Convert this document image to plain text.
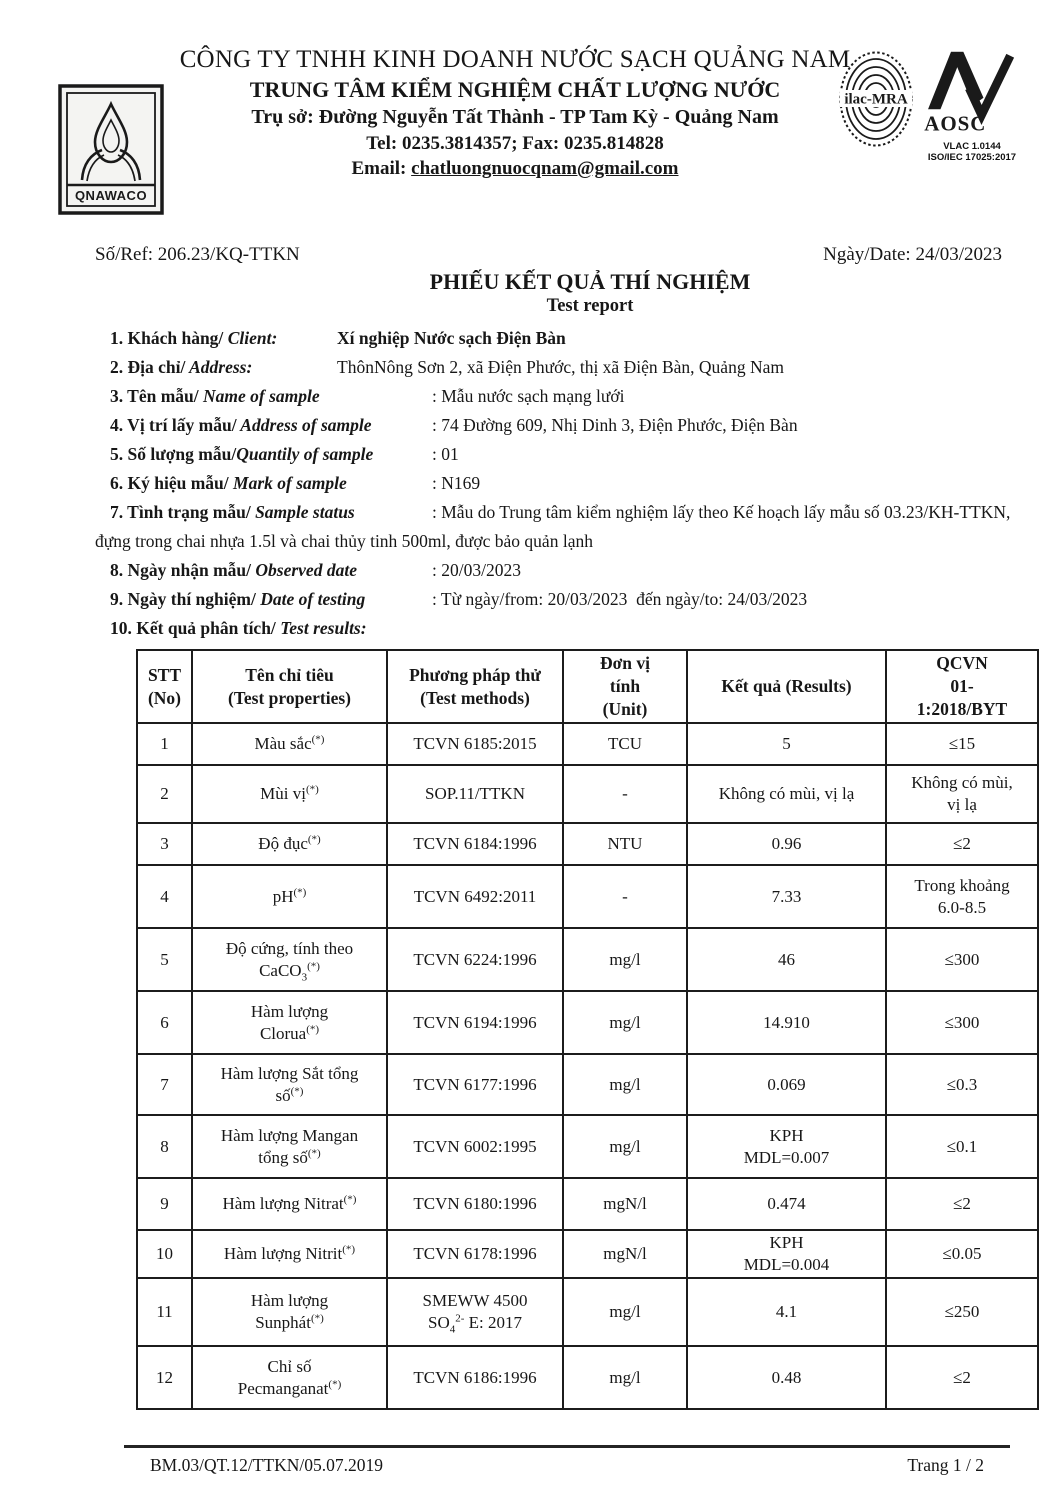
QNAWACO
CÔNG TY TNHH KINH DOANH NƯỚC SẠCH QUẢNG NAM
TRUNG TÂM KIỂM NGHIỆM CHẤT LƯỢNG NƯỚC
Trụ sở: Đường Nguyễn Tất Thành - TP Tam Kỳ - Quảng Nam
Tel: 0235.3814357; Fax: 0235.814828
Email: chatluongnuocqnam@gmail.com
ilac-MRA
AOSC
VLAC 1.0144
ISO/IEC 17025:2017
Số/Ref: 206.23/KQ-TTKN	Ngày/Date: 24/03/2023
PHIẾU KẾT QUẢ THÍ NGHIỆM
Test report
1. Khách hàng/ Client:	Xí nghiệp Nước sạch Điện Bàn
2. Địa chỉ/ Address:	ThônNông Sơn 2, xã Điện Phước, thị xã Điện Bàn, Quảng Nam
3. Tên mẫu/ Name of sample	: Mẫu nước sạch mạng lưới
4. Vị trí lấy mẫu/ Address of sample	: 74 Đường 609, Nhị Dinh 3, Điện Phước, Điện Bàn
5. Số lượng mẫu/Quantily of sample	: 01
6. Ký hiệu mẫu/ Mark of sample	: N169
7. Tình trạng mẫu/ Sample status	: Mẫu do Trung tâm kiểm nghiệm lấy theo Kế hoạch lấy mẫu số 03.23/KH-TTKN, đựng trong chai nhựa 1.5l và chai thủy tinh 500ml, được bảo quản lạnh
8. Ngày nhận mẫu/ Observed date	: 20/03/2023
9. Ngày thí nghiệm/ Date of testing	: Từ ngày/from: 20/03/2023  đến ngày/to: 24/03/2023
10. Kết quả phân tích/ Test results:
STT
(No)	Tên chỉ tiêu
(Test properties)	Phương pháp thử
(Test methods)	Đơn vị
tính
(Unit)	Kết quả (Results)	QCVN
01-
1:2018/BYT

1	Màu sắc(*)	TCVN 6185:2015	TCU	5	≤15
2	Mùi vị(*)	SOP.11/TTKN	-	Không có mùi, vị lạ	Không có mùi,
vị lạ
3	Độ đục(*)	TCVN 6184:1996	NTU	0.96	≤2
4	pH(*)	TCVN 6492:2011	-	7.33	Trong khoảng
6.0-8.5
5	Độ cứng, tính theo
CaCO$_3$(*)	TCVN 6224:1996	mg/l	46	≤300
6	Hàm lượng
Clorua(*)	TCVN 6194:1996	mg/l	14.910	≤300
7	Hàm lượng Sắt tổng
số(*)	TCVN 6177:1996	mg/l	0.069	≤0.3
8	Hàm lượng Mangan
tổng số(*)	TCVN 6002:1995	mg/l	KPH
MDL=0.007	≤0.1
9	Hàm lượng Nitrat(*)	TCVN 6180:1996	mgN/l	0.474	≤2
10	Hàm lượng Nitrit(*)	TCVN 6178:1996	mgN/l	KPH
MDL=0.004	≤0.05
11	Hàm lượng
Sunphát(*)	SMEWW 4500
$SO_4^{2-}$ E: 2017	mg/l	4.1	≤250
12	Chỉ số
Pecmanganat(*)	TCVN 6186:1996	mg/l	0.48	≤2
BM.03/QT.12/TTKN/05.07.2019	Trang 1 / 2
